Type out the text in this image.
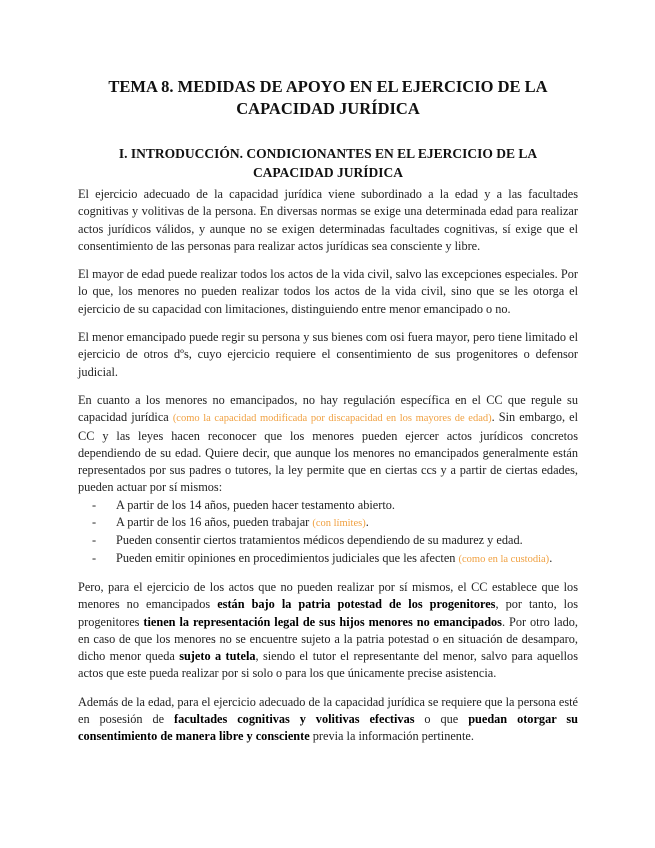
TEMA 8. MEDIDAS DE APOYO EN EL EJERCICIO DE LA CAPACIDAD JURÍDICA
I. INTRODUCCIÓN. CONDICIONANTES EN EL EJERCICIO DE LA CAPACIDAD JURÍDICA

El ejercicio adecuado de la capacidad jurídica viene subordinado a la edad y a las facultades cognitivas y volitivas de la persona. En diversas normas se exige una determinada edad para realizar actos jurídicos válidos, y aunque no se exigen determinadas facultades cognitivas, sí exige que el consentimiento de las personas para realizar actos jurídicas sea consciente y libre.

El mayor de edad puede realizar todos los actos de la vida civil, salvo las excepciones especiales. Por lo que, los menores no pueden realizar todos los actos de la vida civil, sino que se les otorga el ejercicio de su capacidad con limitaciones, distinguiendo entre menor emancipado o no.

El menor emancipado puede regir su persona y sus bienes com osi fuera mayor, pero tiene limitado el ejercicio de otros dºs, cuyo ejercicio requiere el consentimiento de sus progenitores o defensor judicial.

En cuanto a los menores no emancipados, no hay regulación específica en el CC que regule su capacidad jurídica (como la capacidad modificada por discapacidad en los mayores de edad). Sin embargo, el CC y las leyes hacen reconocer que los menores pueden ejercer actos jurídicos concretos dependiendo de su edad. Quiere decir, que aunque los menores no emancipados generalmente están representados por sus padres o tutores, la ley permite que en ciertas ccs y a partir de ciertas edades, pueden actuar por sí mismos:

- A partir de los 14 años, pueden hacer testamento abierto.
- A partir de los 16 años, pueden trabajar (con límites).
- Pueden consentir ciertos tratamientos médicos dependiendo de su madurez y edad.
- Pueden emitir opiniones en procedimientos judiciales que les afecten (como en la custodia).

Pero, para el ejercicio de los actos que no pueden realizar por sí mismos, el CC establece que los menores no emancipados están bajo la patria potestad de los progenitores, por tanto, los progenitores tienen la representación legal de sus hijos menores no emancipados. Por otro lado, en caso de que los menores no se encuentre sujeto a la patria potestad o en situación de desamparo, dicho menor queda sujeto a tutela, siendo el tutor el representante del menor, salvo para aquellos actos que este pueda realizar por si solo o para los que únicamente precise asistencia.

Además de la edad, para el ejercicio adecuado de la capacidad jurídica se requiere que la persona esté en posesión de facultades cognitivas y volitivas efectivas o que puedan otorgar su consentimiento de manera libre y consciente previa la información pertinente.
